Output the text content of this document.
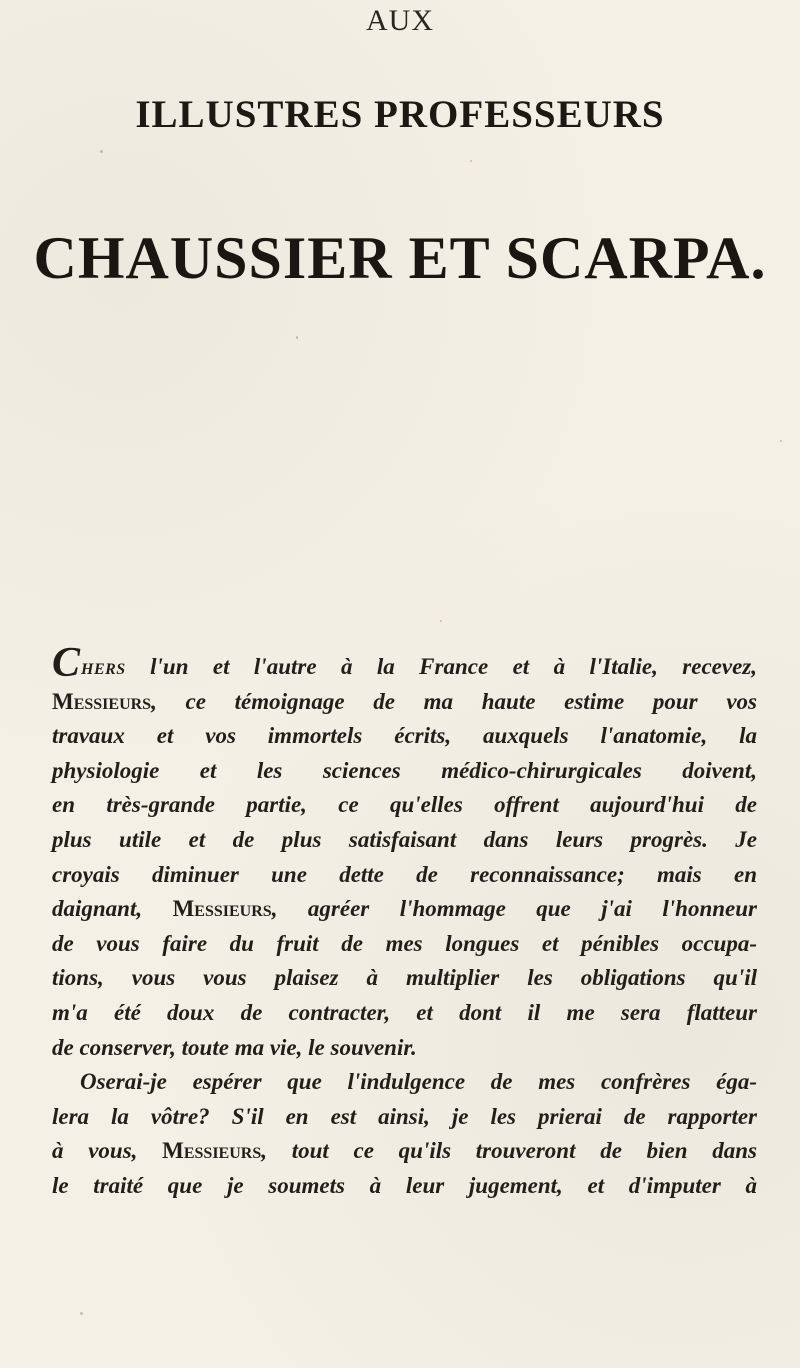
AUX
ILLUSTRES PROFESSEURS
CHAUSSIER ET SCARPA.
Chers l'un et l'autre à la France et à l'Italie, recevez,
Messieurs, ce témoignage de ma haute estime pour vos
travaux et vos immortels écrits, auxquels l'anatomie, la
physiologie et les sciences médico-chirurgicales doivent,
en très-grande partie, ce qu'elles offrent aujourd'hui de
plus utile et de plus satisfaisant dans leurs progrès. Je
croyais diminuer une dette de reconnaissance; mais en
daignant, Messieurs, agréer l'hommage que j'ai l'honneur
de vous faire du fruit de mes longues et pénibles occupa-
tions, vous vous plaisez à multiplier les obligations qu'il
m'a été doux de contracter, et dont il me sera flatteur
de conserver, toute ma vie, le souvenir.
Oserai-je espérer que l'indulgence de mes confrères éga-
lera la vôtre? S'il en est ainsi, je les prierai de rapporter
à vous, Messieurs, tout ce qu'ils trouveront de bien dans
le traité que je soumets à leur jugement, et d'imputer à
